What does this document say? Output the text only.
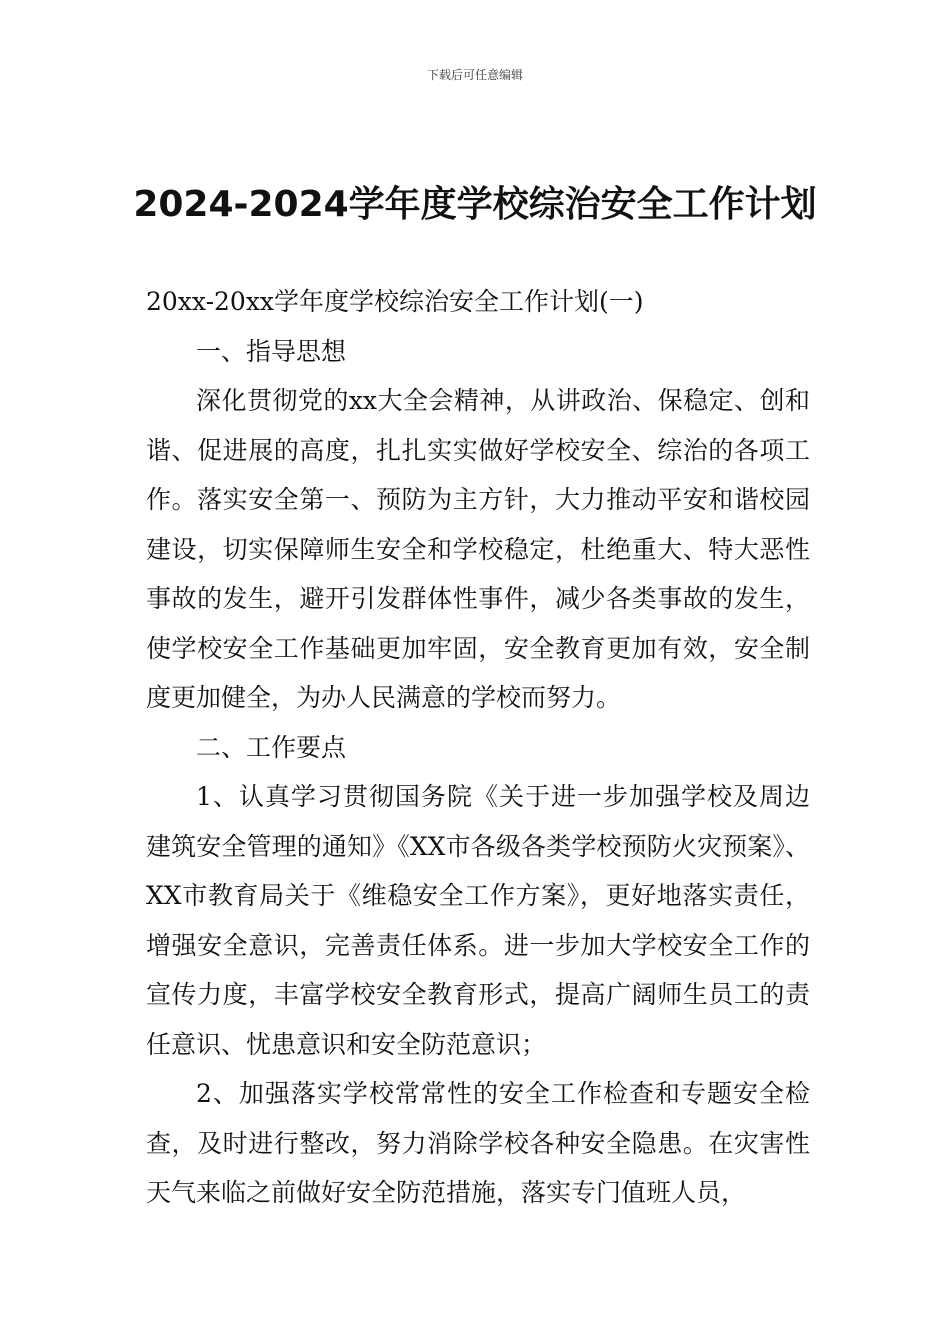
下载后可任意编辑
2024-2024学年度学校综治安全工作计划

20xx-20xx学年度学校综治安全工作计划(一)

一、指导思想

深化贯彻党的xx大全会精神，从讲政治、保稳定、创和谐、促进展的高度，扎扎实实做好学校安全、综治的各项工作。落实安全第一、预防为主方针，大力推动平安和谐校园建设，切实保障师生安全和学校稳定，杜绝重大、特大恶性事故的发生，避开引发群体性事件，减少各类事故的发生，使学校安全工作基础更加牢固，安全教育更加有效，安全制度更加健全，为办人民满意的学校而努力。

二、工作要点

1、认真学习贯彻国务院《关于进一步加强学校及周边建筑安全管理的通知》《XX市各级各类学校预防火灾预案》、XX市教育局关于《维稳安全工作方案》，更好地落实责任，增强安全意识，完善责任体系。进一步加大学校安全工作的宣传力度，丰富学校安全教育形式，提高广阔师生员工的责任意识、忧患意识和安全防范意识；

2、加强落实学校常常性的安全工作检查和专题安全检查，及时进行整改，努力消除学校各种安全隐患。在灾害性天气来临之前做好安全防范措施，落实专门值班人员，
